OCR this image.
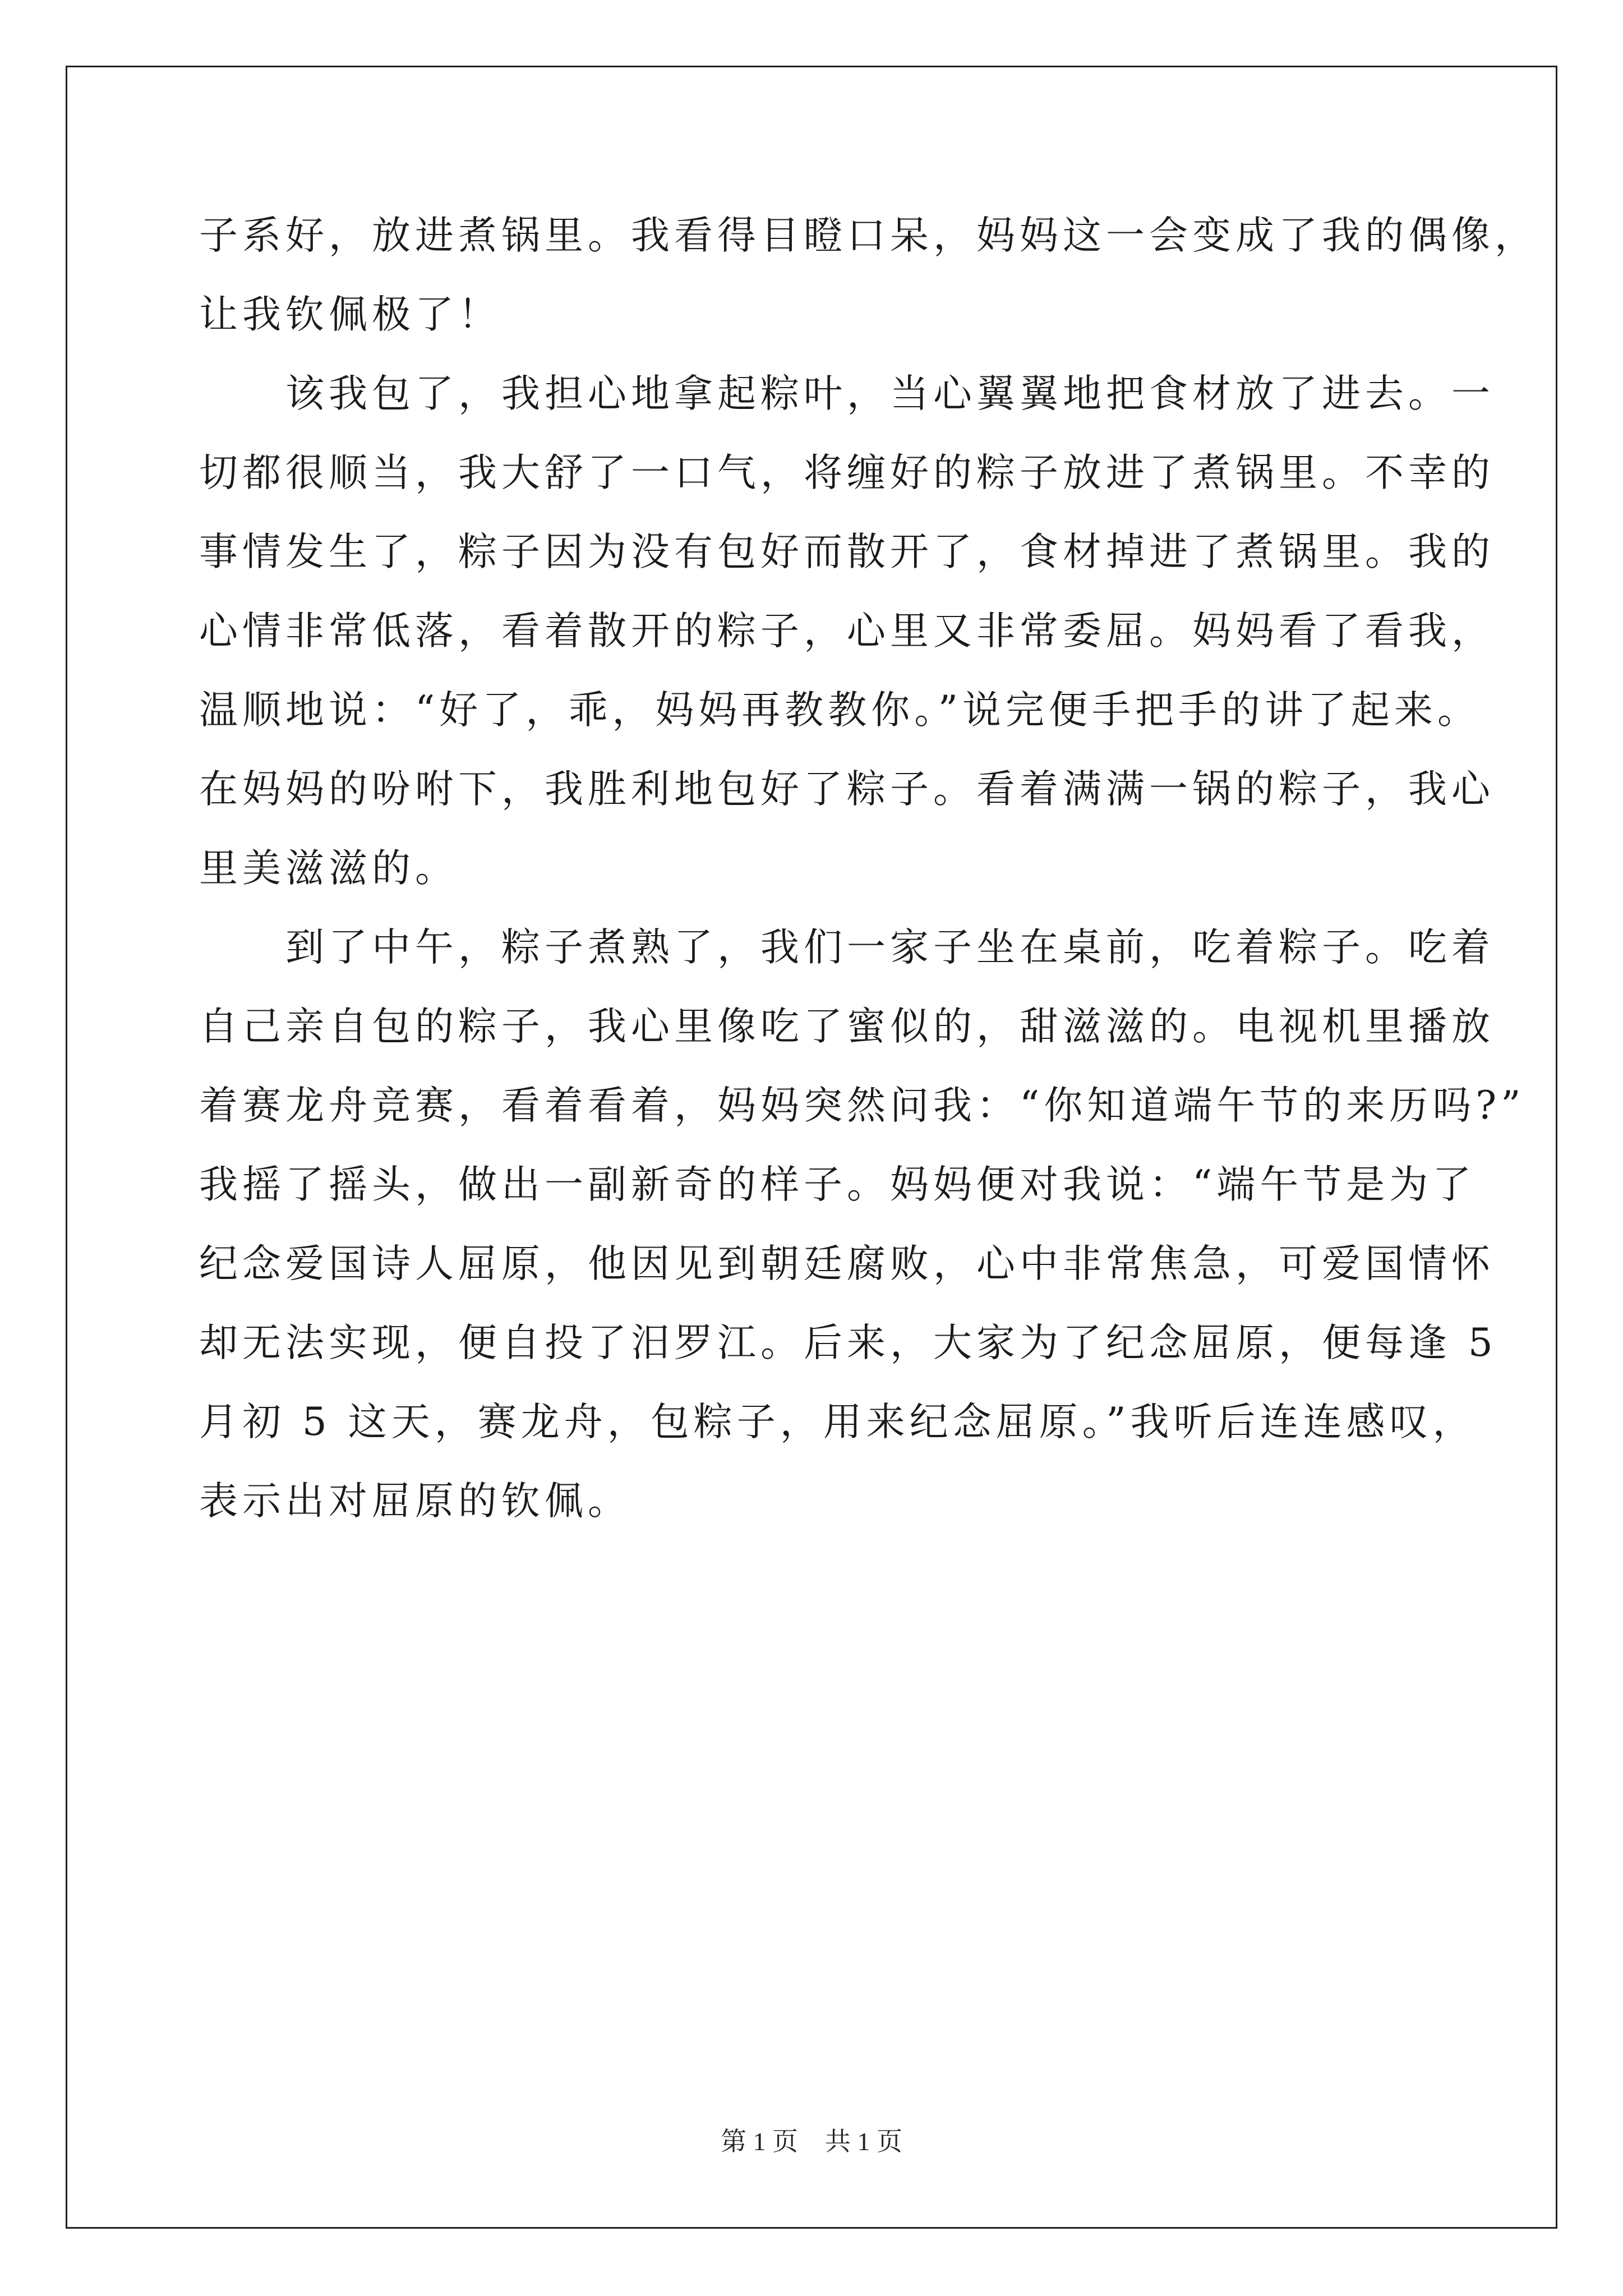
子系好，放进煮锅里。我看得目瞪口呆，妈妈这一会变成了我的偶像，
让我钦佩极了！
　　该我包了，我担心地拿起粽叶，当心翼翼地把食材放了进去。一
切都很顺当，我大舒了一口气，将缠好的粽子放进了煮锅里。不幸的
事情发生了，粽子因为没有包好而散开了，食材掉进了煮锅里。我的
心情非常低落，看着散开的粽子，心里又非常委屈。妈妈看了看我，
温顺地说：“好了，乖，妈妈再教教你。”说完便手把手的讲了起来。
在妈妈的吩咐下，我胜利地包好了粽子。看着满满一锅的粽子，我心
里美滋滋的。
　　到了中午，粽子煮熟了，我们一家子坐在桌前，吃着粽子。吃着
自己亲自包的粽子，我心里像吃了蜜似的，甜滋滋的。电视机里播放
着赛龙舟竞赛，看着看着，妈妈突然问我：“你知道端午节的来历吗?”
我摇了摇头，做出一副新奇的样子。妈妈便对我说：“端午节是为了
纪念爱国诗人屈原，他因见到朝廷腐败，心中非常焦急，可爱国情怀
却无法实现，便自投了汨罗江。后来，大家为了纪念屈原，便每逢 5
月初 5 这天，赛龙舟，包粽子，用来纪念屈原。”我听后连连感叹，
表示出对屈原的钦佩。
第 1 页 共 1 页
